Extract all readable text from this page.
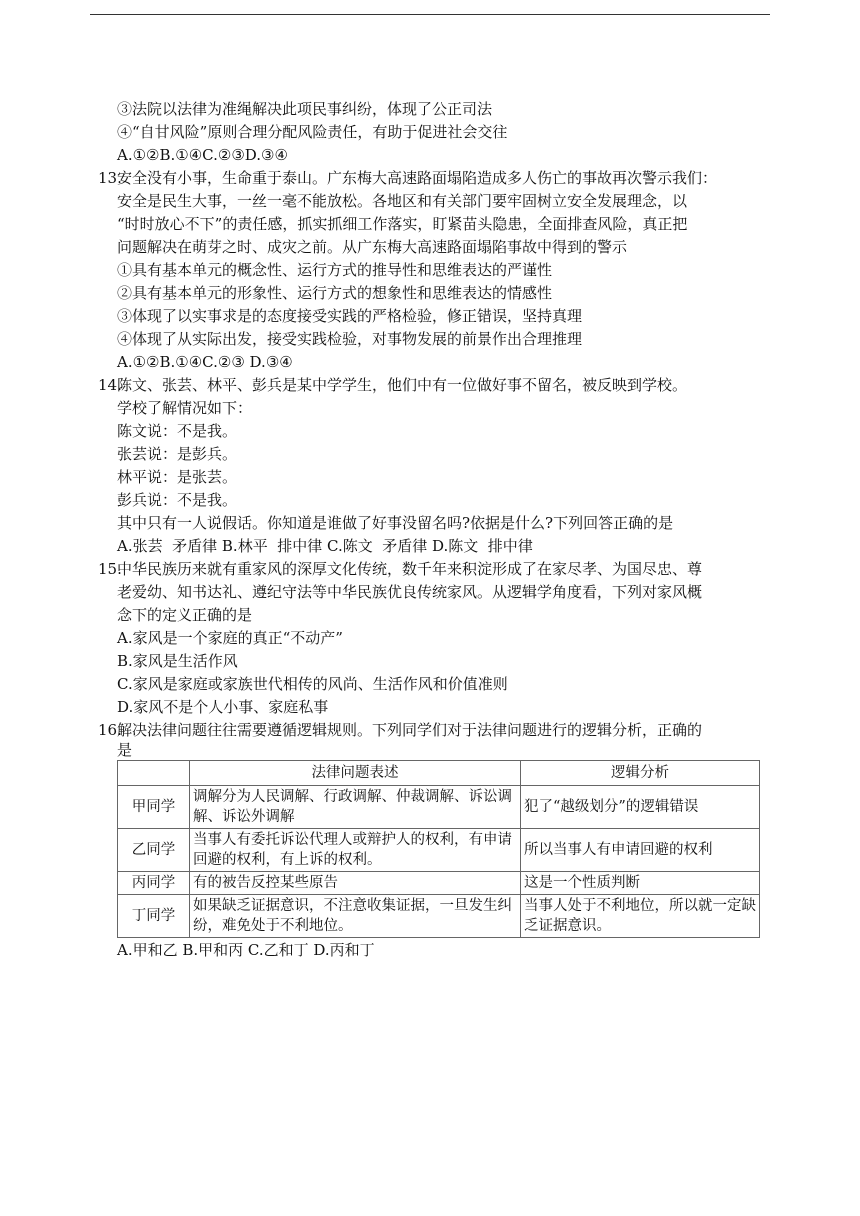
③法院以法律为准绳解决此项民事纠纷，体现了公正司法
④“自甘风险”原则合理分配风险责任，有助于促进社会交往
A.①②B.①④C.②③D.③④
13.
安全没有小事，生命重于泰山。广东梅大高速路面塌陷造成多人伤亡的事故再次警示我们：
安全是民生大事，一丝一毫不能放松。各地区和有关部门要牢固树立安全发展理念，以
“时时放心不下”的责任感，抓实抓细工作落实，盯紧苗头隐患，全面排查风险，真正把
问题解决在萌芽之时、成灾之前。从广东梅大高速路面塌陷事故中得到的警示
①具有基本单元的概念性、运行方式的推导性和思维表达的严谨性
②具有基本单元的形象性、运行方式的想象性和思维表达的情感性
③体现了以实事求是的态度接受实践的严格检验，修正错误，坚持真理
④体现了从实际出发，接受实践检验，对事物发展的前景作出合理推理
A.①②B.①④C.②③ D.③④
14.
陈文、张芸、林平、彭兵是某中学学生，他们中有一位做好事不留名，被反映到学校。
学校了解情况如下：
陈文说：不是我。
张芸说：是彭兵。
林平说：是张芸。
彭兵说：不是我。
其中只有一人说假话。你知道是谁做了好事没留名吗?依据是什么?下列回答正确的是
A.张芸  矛盾律 B.林平  排中律 C.陈文  矛盾律 D.陈文  排中律
15.
中华民族历来就有重家风的深厚文化传统，数千年来积淀形成了在家尽孝、为国尽忠、尊
老爱幼、知书达礼、遵纪守法等中华民族优良传统家风。从逻辑学角度看，下列对家风概
念下的定义正确的是
A.家风是一个家庭的真正“不动产”
B.家风是生活作风
C.家风是家庭或家族世代相传的风尚、生活作风和价值准则
D.家风不是个人小事、家庭私事
16.
解决法律问题往往需要遵循逻辑规则。下列同学们对于法律问题进行的逻辑分析，正确的
是
	法律问题表述	逻辑分析
甲同学	调解分为人民调解、行政调解、仲裁调解、诉讼调解、诉讼外调解	犯了“越级划分”的逻辑错误
乙同学	当事人有委托诉讼代理人或辩护人的权利，有申请回避的权利，有上诉的权利。	所以当事人有申请回避的权利
丙同学	有的被告反控某些原告	这是一个性质判断
丁同学	如果缺乏证据意识，不注意收集证据，一旦发生纠纷，难免处于不利地位。	当事人处于不利地位，所以就一定缺乏证据意识。
A.甲和乙 B.甲和丙 C.乙和丁 D.丙和丁
